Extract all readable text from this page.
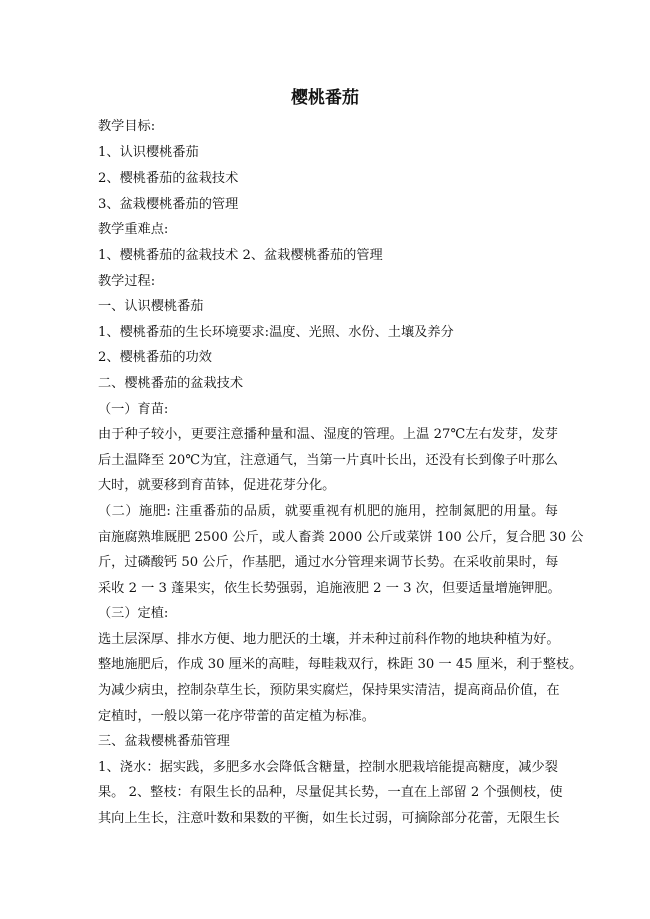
樱桃番茄
教学目标:
1、认识樱桃番茄
2、樱桃番茄的盆栽技术
3、盆栽樱桃番茄的管理
教学重难点:
1、樱桃番茄的盆栽技术 2、盆栽樱桃番茄的管理
教学过程:
一、认识樱桃番茄
1、樱桃番茄的生长环境要求:温度、光照、水份、土壤及养分
2、樱桃番茄的功效
二、樱桃番茄的盆栽技术
（一）育苗:
由于种子较小，更要注意播种量和温、湿度的管理。上温 27℃左右发芽，发芽
后土温降至 20℃为宜，注意通气，当第一片真叶长出，还没有长到像子叶那么
大时，就要移到育苗钵，促进花芽分化。
（二）施肥: 注重番茄的品质，就要重视有机肥的施用，控制氮肥的用量。每
亩施腐熟堆厩肥 2500 公斤，或人畜粪 2000 公斤或菜饼 100 公斤，复合肥 30 公
斤，过磷酸钙 50 公斤，作基肥，通过水分管理来调节长势。在采收前果时，每
采收 2 一 3 蓬果实，依生长势强弱，追施液肥 2 一 3 次，但要适量增施钾肥。
（三）定植:
选土层深厚、排水方便、地力肥沃的土壤，并未种过前科作物的地块种植为好。
整地施肥后，作成 30 厘米的高畦，每畦栽双行，株距 30 一 45 厘米，利于整枝。
为减少病虫，控制杂草生长，预防果实腐烂，保持果实清洁，提高商品价值，在
定植时，一般以第一花序带蕾的苗定植为标准。
三、盆栽樱桃番茄管理
1、浇水：据实践，多肥多水会降低含糖量，控制水肥栽培能提高糖度，减少裂
果。 2、整枝：有限生长的品种，尽量促其长势，一直在上部留 2 个强侧枝，使
其向上生长，注意叶数和果数的平衡，如生长过弱，可摘除部分花蕾，无限生长
